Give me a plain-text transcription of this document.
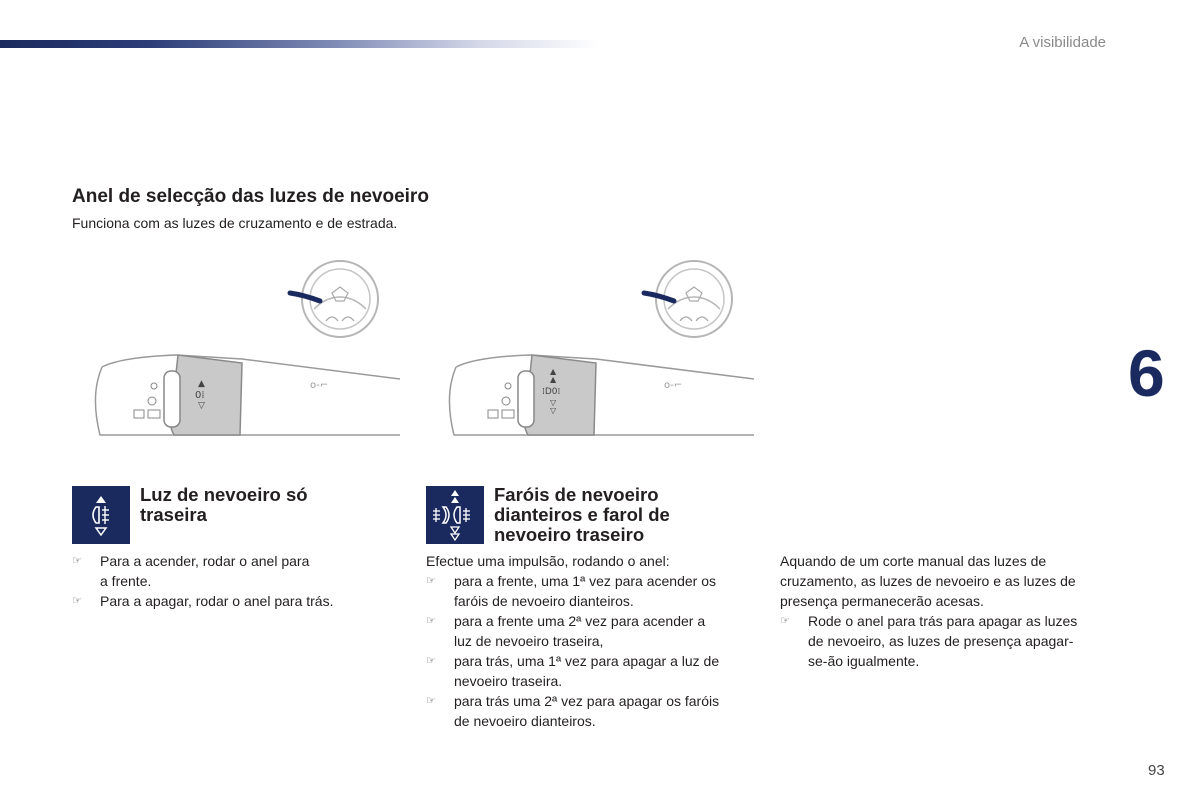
A visibilidade
6
Anel de selecção das luzes de nevoeiro
Funciona com as luzes de cruzamento e de estrada.
▲
0⁞
▽
o-⌐
▲
▲
⁞D0⁞
▽
▽
o-⌐
Luz de nevoeiro só
traseira
☞	Para a acender, rodar o anel para
a frente.
☞	Para a apagar, rodar o anel para trás.
Faróis de nevoeiro
dianteiros e farol de
nevoeiro traseiro

Efectue uma impulsão, rodando o anel:

☞	para a frente, uma 1ª vez para acender os
faróis de nevoeiro dianteiros.
☞	para a frente uma 2ª vez para acender a
luz de nevoeiro traseira,
☞	para trás, uma 1ª vez para apagar a luz de
nevoeiro traseira.
☞	para trás uma 2ª vez para apagar os faróis
de nevoeiro dianteiros.
Aquando de um corte manual das luzes de
cruzamento, as luzes de nevoeiro e as luzes de
presença permanecerão acesas.
☞	Rode o anel para trás para apagar as luzes
de nevoeiro, as luzes de presença apagar-
se-ão igualmente.
93
